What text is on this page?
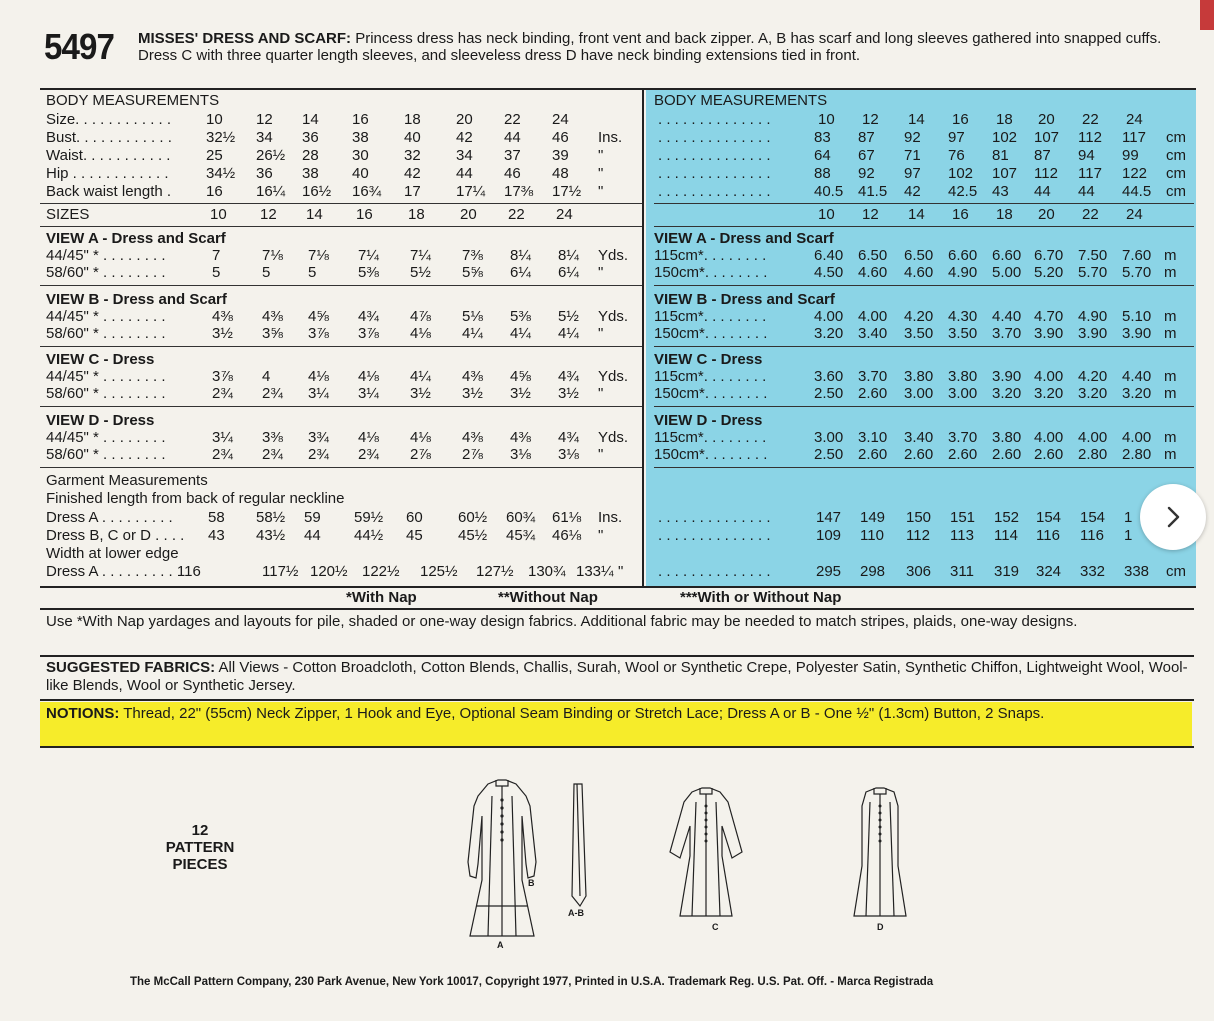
5497 MISSES' DRESS AND SCARF: Princess dress has neck binding, front vent and back zipper. A, B has scarf and long sleeves gathered into snapped cuffs. Dress C with three quarter length sleeves, and sleeveless dress D have neck binding extensions tied in front.
BODY MEASUREMENTS
Size. . . . . . . . . . . . 10 12 14 16 18 20 22 24
Bust. . . . . . . . . . . . 32½ 34 36 38 40 42 44 46 Ins.
Waist. . . . . . . . . . . 25 26½ 28 30 32 34 37 39 "
Hip . . . . . . . . . . . . 34½ 36 38 40 42 44 46 48 "
Back waist length . 16 16¼ 16½ 16¾ 17 17¼ 17⅜ 17½ "
SIZES	10 12 14 16 18 20 22 24
VIEW A - Dress and Scarf
44/45" * . . . . . . . .	7	7⅛ 7⅛ 7¼ 7¼ 7⅜ 8¼ 8¼ Yds.
58/60" * . . . . . . . .	5	5	5	5⅜ 5½ 5⅝ 6¼ 6¼ "
VIEW B - Dress and Scarf
44/45" * . . . . . . . .	4⅜ 4⅜ 4⅝ 4¾ 4⅞ 5⅛ 5⅜ 5½ Yds.
58/60" * . . . . . . . .	3½ 3⅝ 3⅞ 3⅞ 4⅛ 4¼ 4¼ 4¼ "
VIEW C - Dress
44/45" * . . . . . . . .	3⅞ 4	4⅛ 4⅛ 4¼ 4⅜ 4⅝ 4¾ Yds.
58/60" * . . . . . . . .	2¾ 2¾ 3¼ 3¼ 3½ 3½ 3½ 3½ "
VIEW D - Dress
44/45" * . . . . . . . .	3¼ 3⅜ 3¾ 4⅛ 4⅛ 4⅜ 4⅜ 4¾ Yds.
58/60" * . . . . . . . .	2¾ 2¾ 2¾ 2¾ 2⅞ 2⅞ 3⅛ 3⅛ "
Garment Measurements
Finished length from back of regular neckline
Dress A . . . . . . . . . 58 58½ 59 59½ 60 60½ 60¾ 61⅛ Ins.
Dress B, C or D . . . . 43 43½ 44 44½ 45 45½ 45¾ 46⅛ "
Width at lower edge
Dress A . . . . . . . . . 116	117½ 120½ 122½ 125½ 127½ 130¾ 133¼ "
BODY MEASUREMENTS
. . . . . . . . . . . . . .	10 12 14 16 18 20 22 24
. . . . . . . . . . . . . .	83 87 92 97 102 107 112 117 cm
. . . . . . . . . . . . . .	64 67 71 76 81 87 94 99 cm
. . . . . . . . . . . . . .	88 92 97 102 107 112 117 122 cm
. . . . . . . . . . . . . .	40.5 41.5 42 42.5 43 44 44 44.5 cm
10 12 14 16 18 20 22 24
VIEW A - Dress and Scarf
115cm*. . . . . . . .	6.40 6.50 6.50 6.60 6.60 6.70 7.50 7.60 m
150cm*. . . . . . . .	4.50 4.60 4.60 4.90 5.00 5.20 5.70 5.70 m
VIEW B - Dress and Scarf
115cm*. . . . . . . .	4.00 4.00 4.20 4.30 4.40 4.70 4.90 5.10 m
150cm*. . . . . . . .	3.20 3.40 3.50 3.50 3.70 3.90 3.90 3.90 m
VIEW C - Dress
115cm*. . . . . . . .	3.60 3.70 3.80 3.80 3.90 4.00 4.20 4.40 m
150cm*. . . . . . . .	2.50 2.60 3.00 3.00 3.20 3.20 3.20 3.20 m
VIEW D - Dress
115cm*. . . . . . . .	3.00 3.10 3.40 3.70 3.80 4.00 4.00 4.00 m
150cm*. . . . . . . .	2.50 2.60 2.60 2.60 2.60 2.60 2.80 2.80 m
. . . . . . . . . . . . . .	147 149 150 151 152 154 154 1
. . . . . . . . . . . . . .	109 110 112 113 114 116 116 1
. . . . . . . . . . . . . .	295 298 306 311 319 324 332 338 cm
*With Nap	**Without Nap	***With or Without Nap
Use *With Nap yardages and layouts for pile, shaded or one-way design fabrics. Additional fabric may be needed to match stripes, plaids, one-way designs.
SUGGESTED FABRICS: All Views - Cotton Broadcloth, Cotton Blends, Challis, Surah, Wool or Synthetic Crepe, Polyester Satin, Synthetic Chiffon, Lightweight Wool, Wool-like Blends, Wool or Synthetic Jersey.
NOTIONS: Thread, 22" (55cm) Neck Zipper, 1 Hook and Eye, Optional Seam Binding or Stretch Lace; Dress A or B - One ½" (1.3cm) Button, 2 Snaps.
12
PATTERN
PIECES
A
B
A-B
C	D
The McCall Pattern Company, 230 Park Avenue, New York 10017, Copyright 1977, Printed in U.S.A. Trademark Reg. U.S. Pat. Off. - Marca Registrada
